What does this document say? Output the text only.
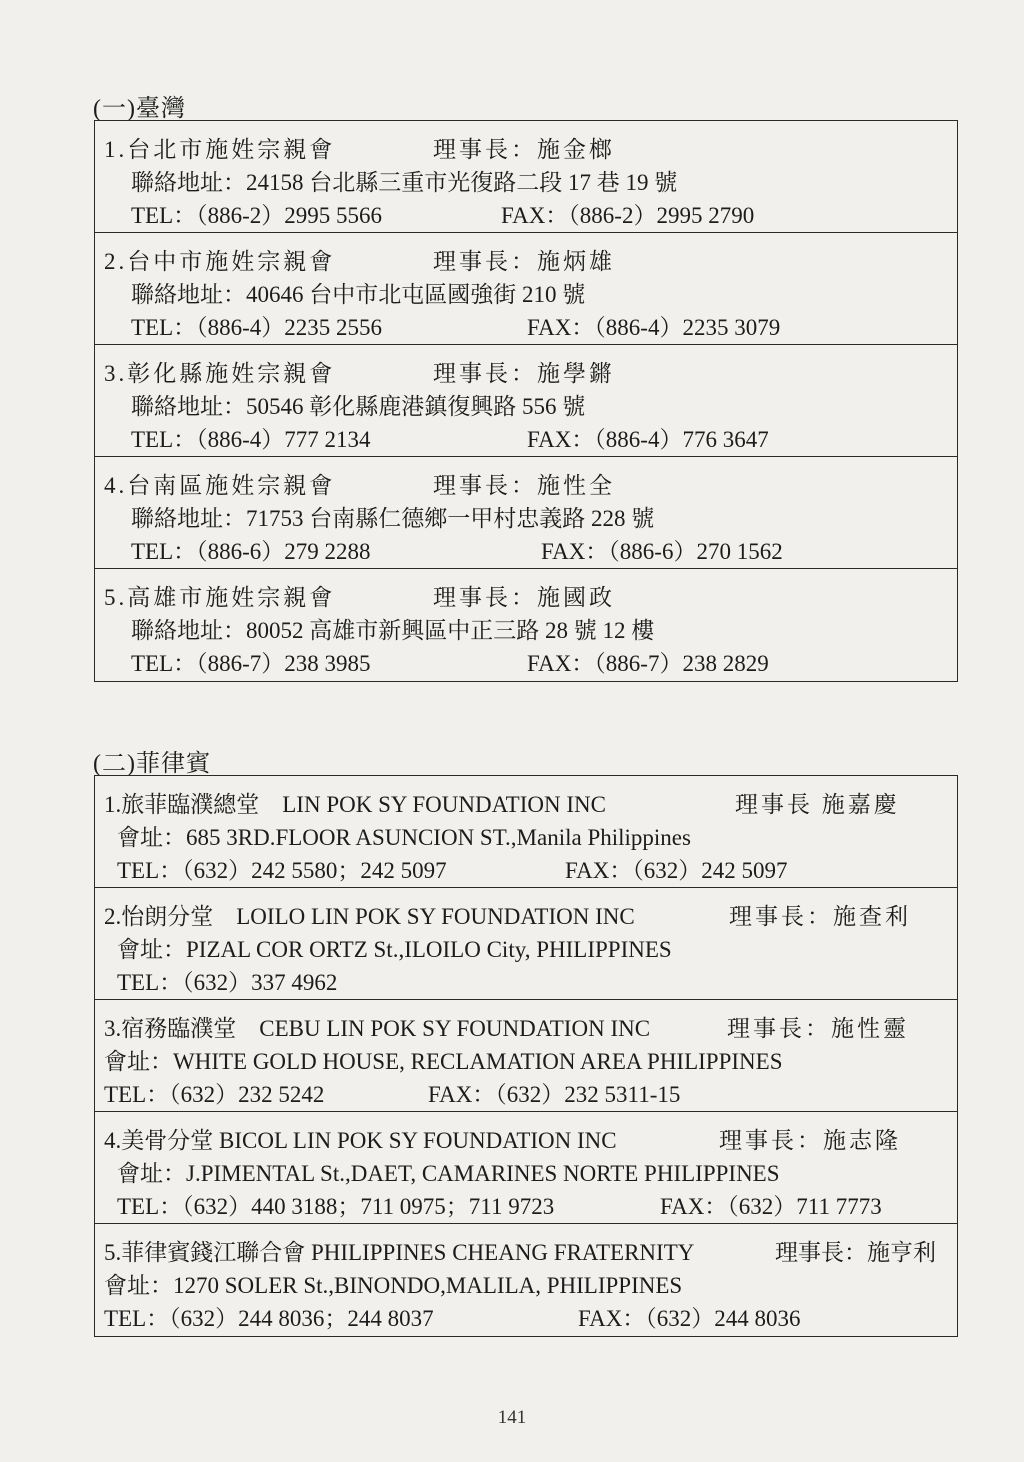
(一)臺灣
1.台北市施姓宗親會	理事長：施金榔
聯絡地址：24158 台北縣三重市光復路二段 17 巷 19 號
TEL：（886-2）2995 5566	FAX：（886-2）2995 2790
2.台中市施姓宗親會	理事長：施炳雄
聯絡地址：40646 台中市北屯區國強街 210 號
TEL：（886-4）2235 2556	FAX：（886-4）2235 3079
3.彰化縣施姓宗親會	理事長：施學鏘
聯絡地址：50546 彰化縣鹿港鎮復興路 556 號
TEL：（886-4）777 2134	FAX：（886-4）776 3647
4.台南區施姓宗親會	理事長：施性全
聯絡地址：71753 台南縣仁德鄉一甲村忠義路 228 號
TEL：（886-6）279 2288	FAX：（886-6）270 1562
5.高雄市施姓宗親會	理事長：施國政
聯絡地址：80052 高雄市新興區中正三路 28 號 12 樓
TEL：（886-7）238 3985	FAX：（886-7）238 2829
(二)菲律賓
1.旅菲臨濮總堂　LIN POK SY FOUNDATION INC	理事長 施嘉慶
會址：685 3RD.FLOOR ASUNCION ST.,Manila Philippines
TEL：（632）242 5580；242 5097	FAX：（632）242 5097
2.怡朗分堂　LOILO LIN POK SY FOUNDATION INC	理事長：施查利
會址：PIZAL COR ORTZ St.,ILOILO City, PHILIPPINES
TEL：（632）337 4962
3.宿務臨濮堂　CEBU LIN POK SY FOUNDATION INC	理事長：施性靈
會址：WHITE GOLD HOUSE, RECLAMATION AREA PHILIPPINES
TEL：（632）232 5242	FAX：（632）232 5311-15
4.美骨分堂 BICOL LIN POK SY FOUNDATION INC	理事長：施志隆
會址：J.PIMENTAL St.,DAET, CAMARINES NORTE PHILIPPINES
TEL：（632）440 3188；711 0975；711 9723	FAX：（632）711 7773
5.菲律賓錢江聯合會 PHILIPPINES CHEANG FRATERNITY	理事長：施亨利
會址：1270 SOLER St.,BINONDO,MALILA, PHILIPPINES
TEL：（632）244 8036；244 8037	FAX：（632）244 8036
141
